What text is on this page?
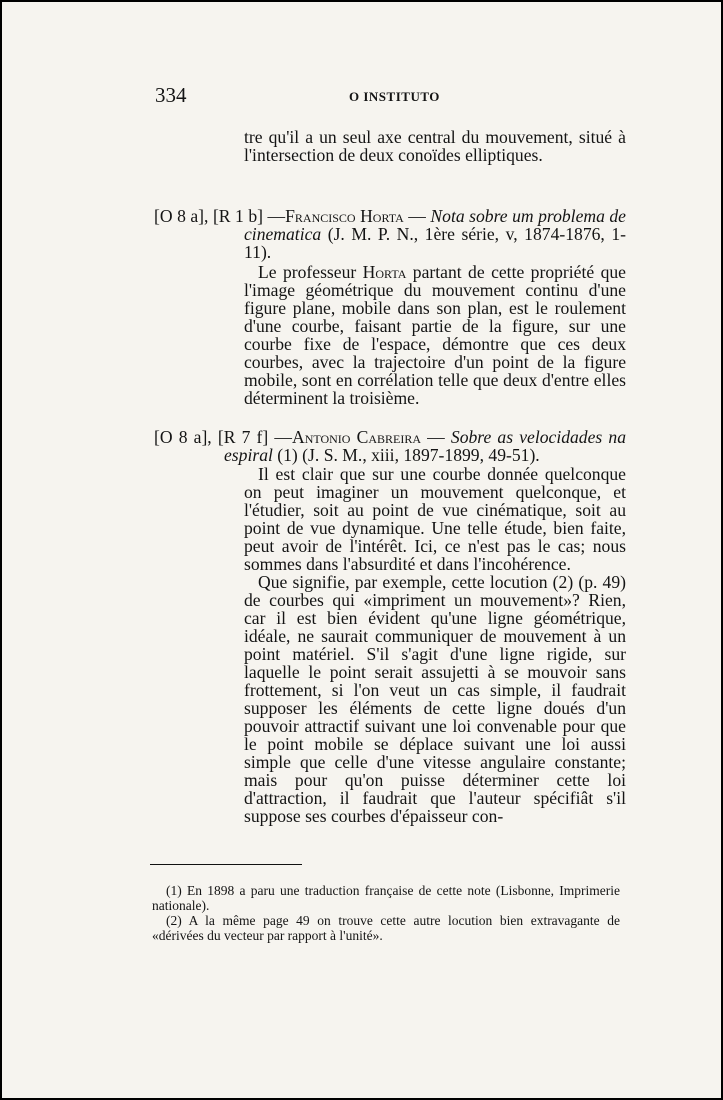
334	O INSTITUTO

tre qu'il a un seul axe central du mouvement, situé à l'intersection de deux conoïdes elliptiques.

[O 8 a], [R 1 b] —Francisco Horta — Nota sobre um problema de cinematica (J. M. P. N., 1ère série, v, 1874-1876, 1-11).

Le professeur Horta partant de cette propriété que l'image géométrique du mouvement continu d'une figure plane, mobile dans son plan, est le roulement d'une courbe, faisant partie de la figure, sur une courbe fixe de l'espace, démontre que ces deux courbes, avec la trajectoire d'un point de la figure mobile, sont en corrélation telle que deux d'entre elles déterminent la troisième.

[O 8 a], [R 7 f] —Antonio Cabreira — Sobre as velocidades na espiral (1) (J. S. M., xiii, 1897-1899, 49-51).

Il est clair que sur une courbe donnée quelconque on peut imaginer un mouvement quelconque, et l'étudier, soit au point de vue cinématique, soit au point de vue dynamique. Une telle étude, bien faite, peut avoir de l'intérêt. Ici, ce n'est pas le cas; nous sommes dans l'absurdité et dans l'incohérence.

Que signifie, par exemple, cette locution (2) (p. 49) de courbes qui «impriment un mouvement»? Rien, car il est bien évident qu'une ligne géométrique, idéale, ne saurait communiquer de mouvement à un point matériel. S'il s'agit d'une ligne rigide, sur laquelle le point serait assujetti à se mouvoir sans frottement, si l'on veut un cas simple, il faudrait supposer les éléments de cette ligne doués d'un pouvoir attractif suivant une loi convenable pour que le point mobile se déplace suivant une loi aussi simple que celle d'une vitesse angulaire constante; mais pour qu'on puisse déterminer cette loi d'attraction, il faudrait que l'auteur spécifiât s'il suppose ses courbes d'épaisseur con-

(1) En 1898 a paru une traduction française de cette note (Lisbonne, Imprimerie nationale).

(2) A la même page 49 on trouve cette autre locution bien extravagante de «dérivées du vecteur par rapport à l'unité».
